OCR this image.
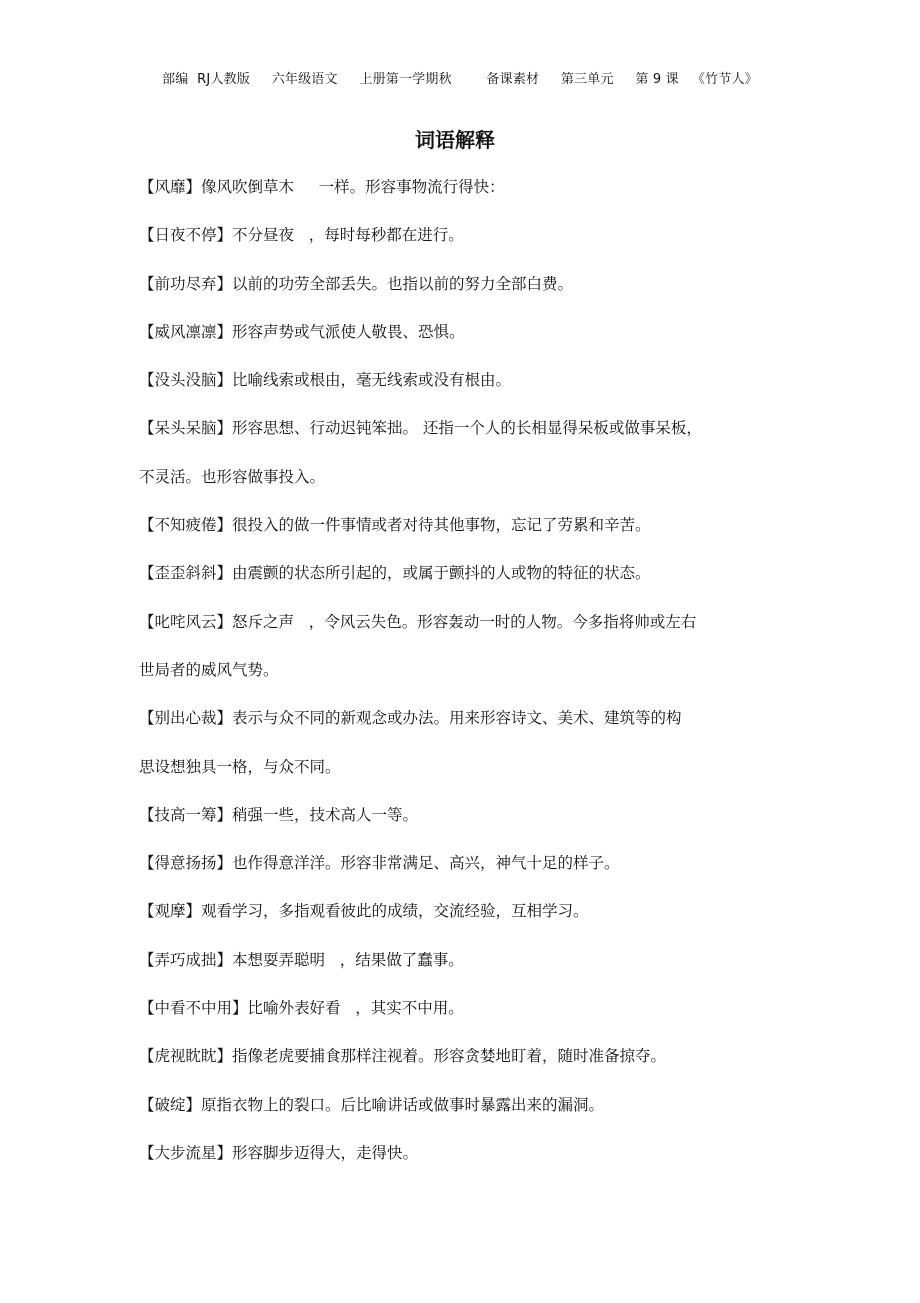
部编  RJ人教版     六年级语文     上册第一学期秋        备课素材     第三单元     第 9 课   《竹节人》
词语解释
【风靡】像风吹倒草木     一样。形容事物流行得快：
【日夜不停】不分昼夜   ，每时每秒都在进行。
【前功尽弃】以前的功劳全部丢失。也指以前的努力全部白费。
【威风凛凛】形容声势或气派使人敬畏、恐惧。
【没头没脑】比喻线索或根由，毫无线索或没有根由。
【呆头呆脑】形容思想、行动迟钝笨拙。 还指一个人的长相显得呆板或做事呆板，
不灵活。也形容做事投入。
【不知疲倦】很投入的做一件事情或者对待其他事物，忘记了劳累和辛苦。
【歪歪斜斜】由震颤的状态所引起的，或属于颤抖的人或物的特征的状态。
【叱咤风云】怒斥之声   ，令风云失色。形容轰动一时的人物。今多指将帅或左右
世局者的威风气势。
【别出心裁】表示与众不同的新观念或办法。用来形容诗文、美术、建筑等的构
思设想独具一格，与众不同。
【技高一筹】稍强一些，技术高人一等。
【得意扬扬】也作得意洋洋。形容非常满足、高兴，神气十足的样子。
【观摩】观看学习，多指观看彼此的成绩，交流经验，互相学习。
【弄巧成拙】本想耍弄聪明   ，结果做了蠢事。
【中看不中用】比喻外表好看   ，其实不中用。
【虎视眈眈】指像老虎要捕食那样注视着。形容贪婪地盯着，随时准备掠夺。
【破绽】原指衣物上的裂口。后比喻讲话或做事时暴露出来的漏洞。
【大步流星】形容脚步迈得大，走得快。
